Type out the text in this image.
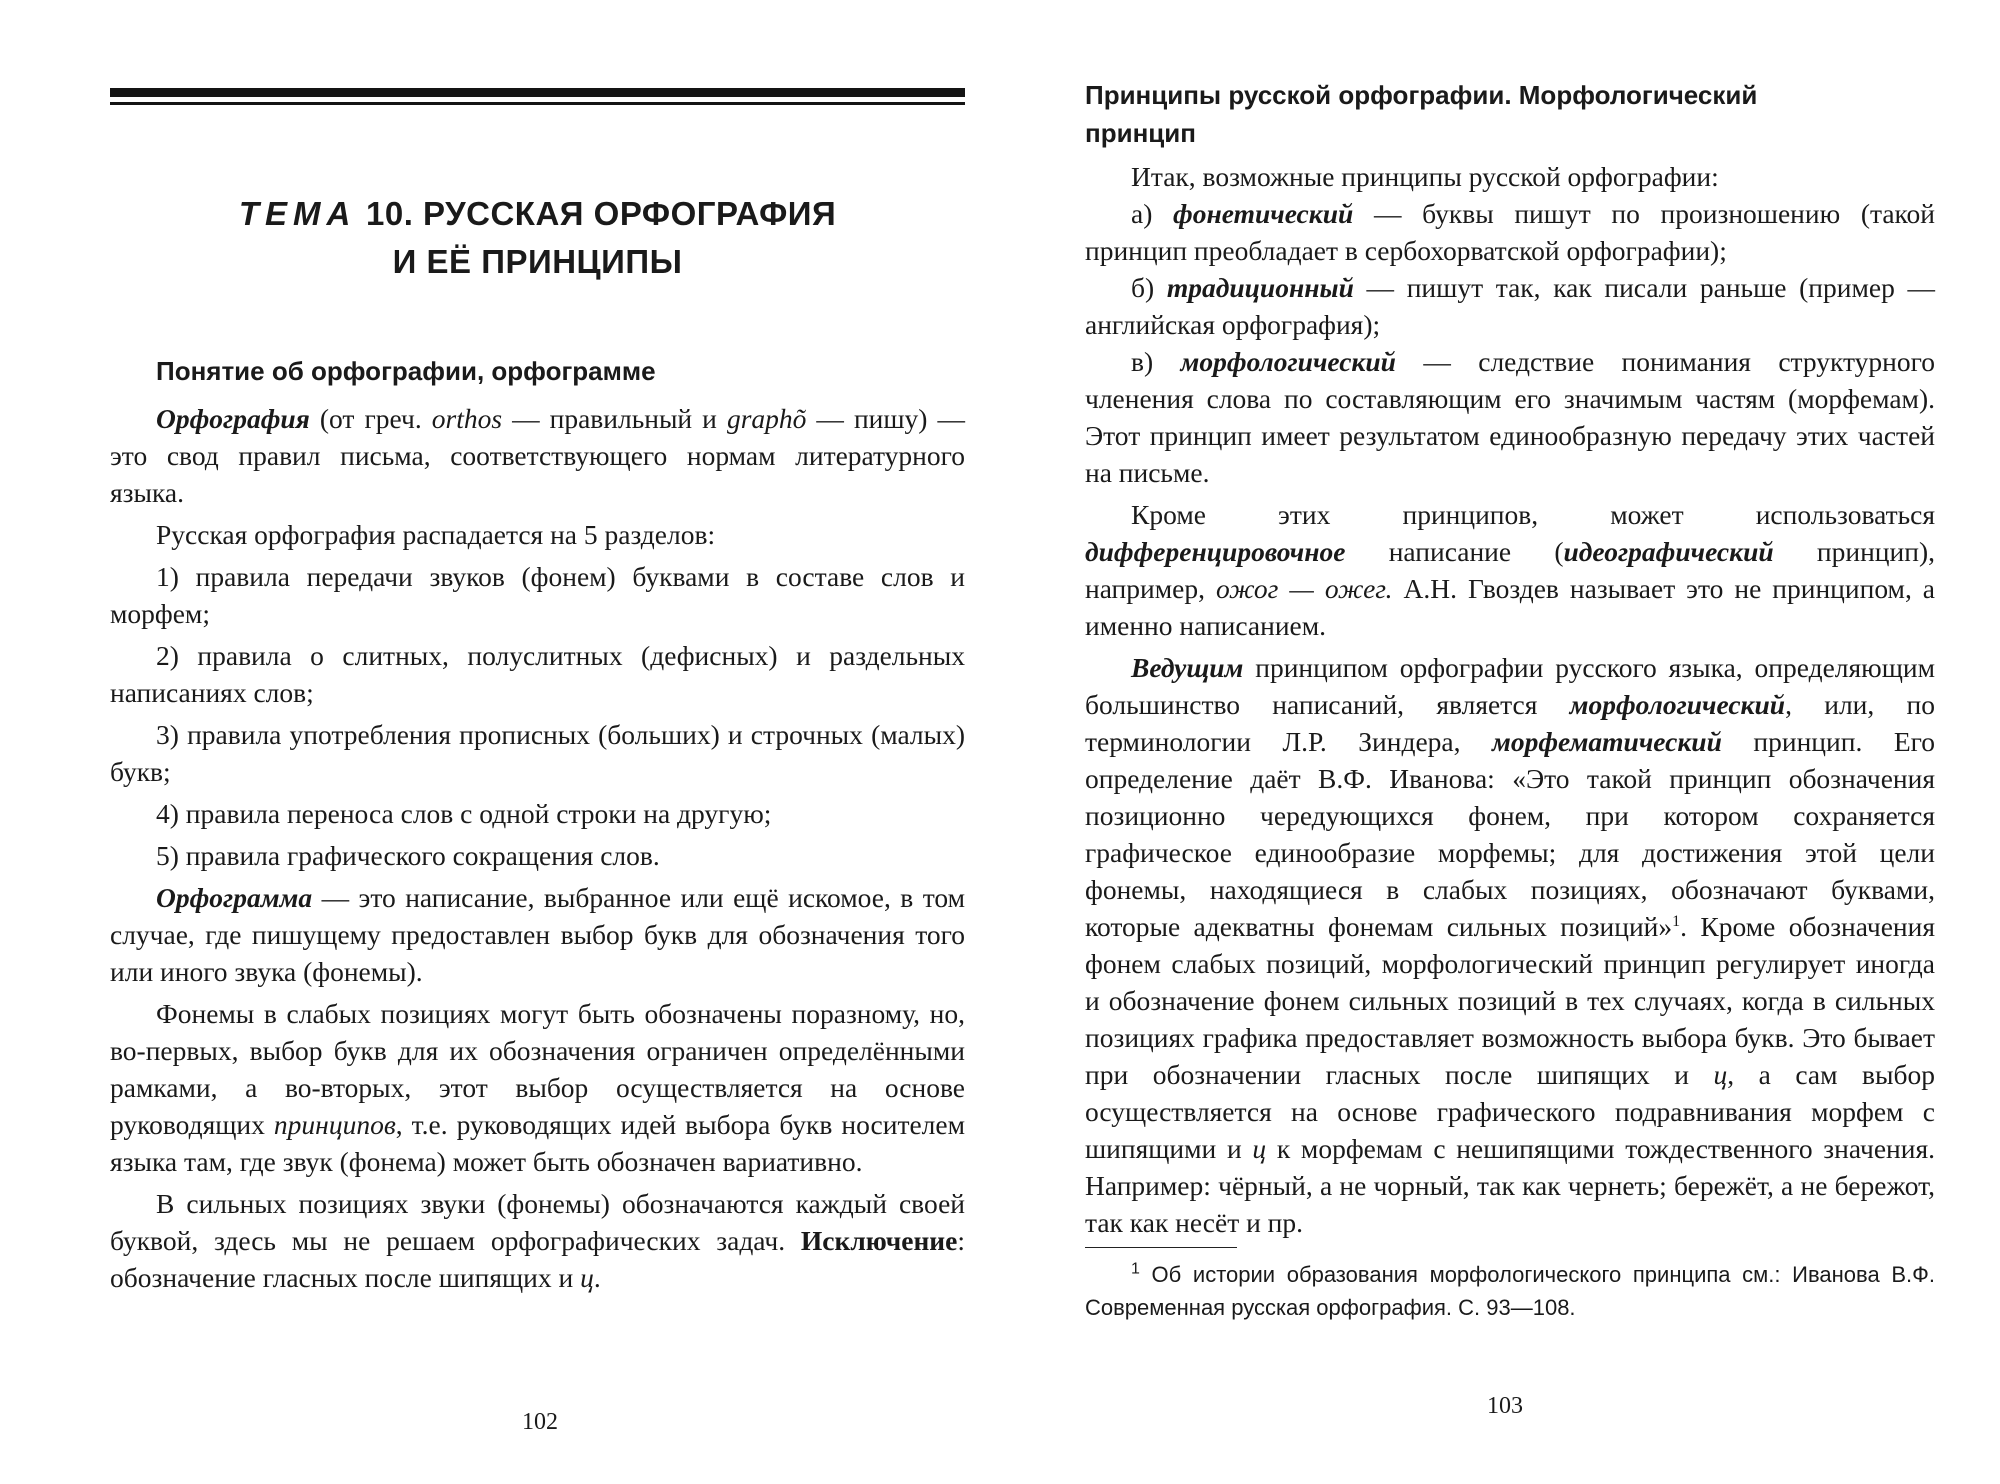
ТЕМА 10. РУССКАЯ ОРФОГРАФИЯ
И ЕЁ ПРИНЦИПЫ
Понятие об орфографии, орфограмме

Орфография (от греч. orthos — правильный и graphõ — пишу) — это свод правил письма, соответствующего нормам литературного языка.

Русская орфография распадается на 5 разделов:

1) правила передачи звуков (фонем) буквами в составе слов и морфем;

2) правила о слитных, полуслитных (дефисных) и раздельных написаниях слов;

3) правила употребления прописных (больших) и строчных (малых) букв;

4) правила переноса слов с одной строки на другую;

5) правила графического сокращения слов.

Орфограмма — это написание, выбранное или ещё искомое, в том случае, где пишущему предоставлен выбор букв для обозначения того или иного звука (фонемы).

Фонемы в слабых позициях могут быть обозначены поразному, но, во-первых, выбор букв для их обозначения ограничен определёнными рамками, а во-вторых, этот выбор осуществляется на основе руководящих принципов, т.е. руководящих идей выбора букв носителем языка там, где звук (фонема) может быть обозначен вариативно.

В сильных позициях звуки (фонемы) обозначаются каждый своей буквой, здесь мы не решаем орфографических задач. Исключение: обозначение гласных после шипящих и ц.

102
Принципы русской орфографии. Морфологический принцип

Итак, возможные принципы русской орфографии:

а) фонетический — буквы пишут по произношению (такой принцип преобладает в сербохорватской орфографии);

б) традиционный — пишут так, как писали раньше (пример — английская орфография);

в) морфологический — следствие понимания структурного членения слова по составляющим его значимым частям (морфемам). Этот принцип имеет результатом единообразную передачу этих частей на письме.

Кроме этих принципов, может использоваться дифференцировочное написание (идеографический принцип), например, ожог — ожег. А.Н. Гвоздев называет это не принципом, а именно написанием.

Ведущим принципом орфографии русского языка, определяющим большинство написаний, является морфологический, или, по терминологии Л.Р. Зиндера, морфематический принцип. Его определение даёт В.Ф. Иванова: «Это такой принцип обозначения позиционно чередующихся фонем, при котором сохраняется графическое единообразие морфемы; для достижения этой цели фонемы, находящиеся в слабых позициях, обозначают буквами, которые адекватны фонемам сильных позиций»$^1$. Кроме обозначения фонем слабых позиций, морфологический принцип регулирует иногда и обозначение фонем сильных позиций в тех случаях, когда в сильных позициях графика предоставляет возможность выбора букв. Это бывает при обозначении гласных после шипящих и ц, а сам выбор осуществляется на основе графического подравнивания морфем с шипящими и ц к морфемам с нешипящими тождественного значения. Например: чёрный, а не чорный, так как чернеть; бережёт, а не бережот, так как несёт и пр.

$^1$ Об истории образования морфологического принципа см.: Иванова В.Ф. Современная русская орфография. С. 93—108.

103
